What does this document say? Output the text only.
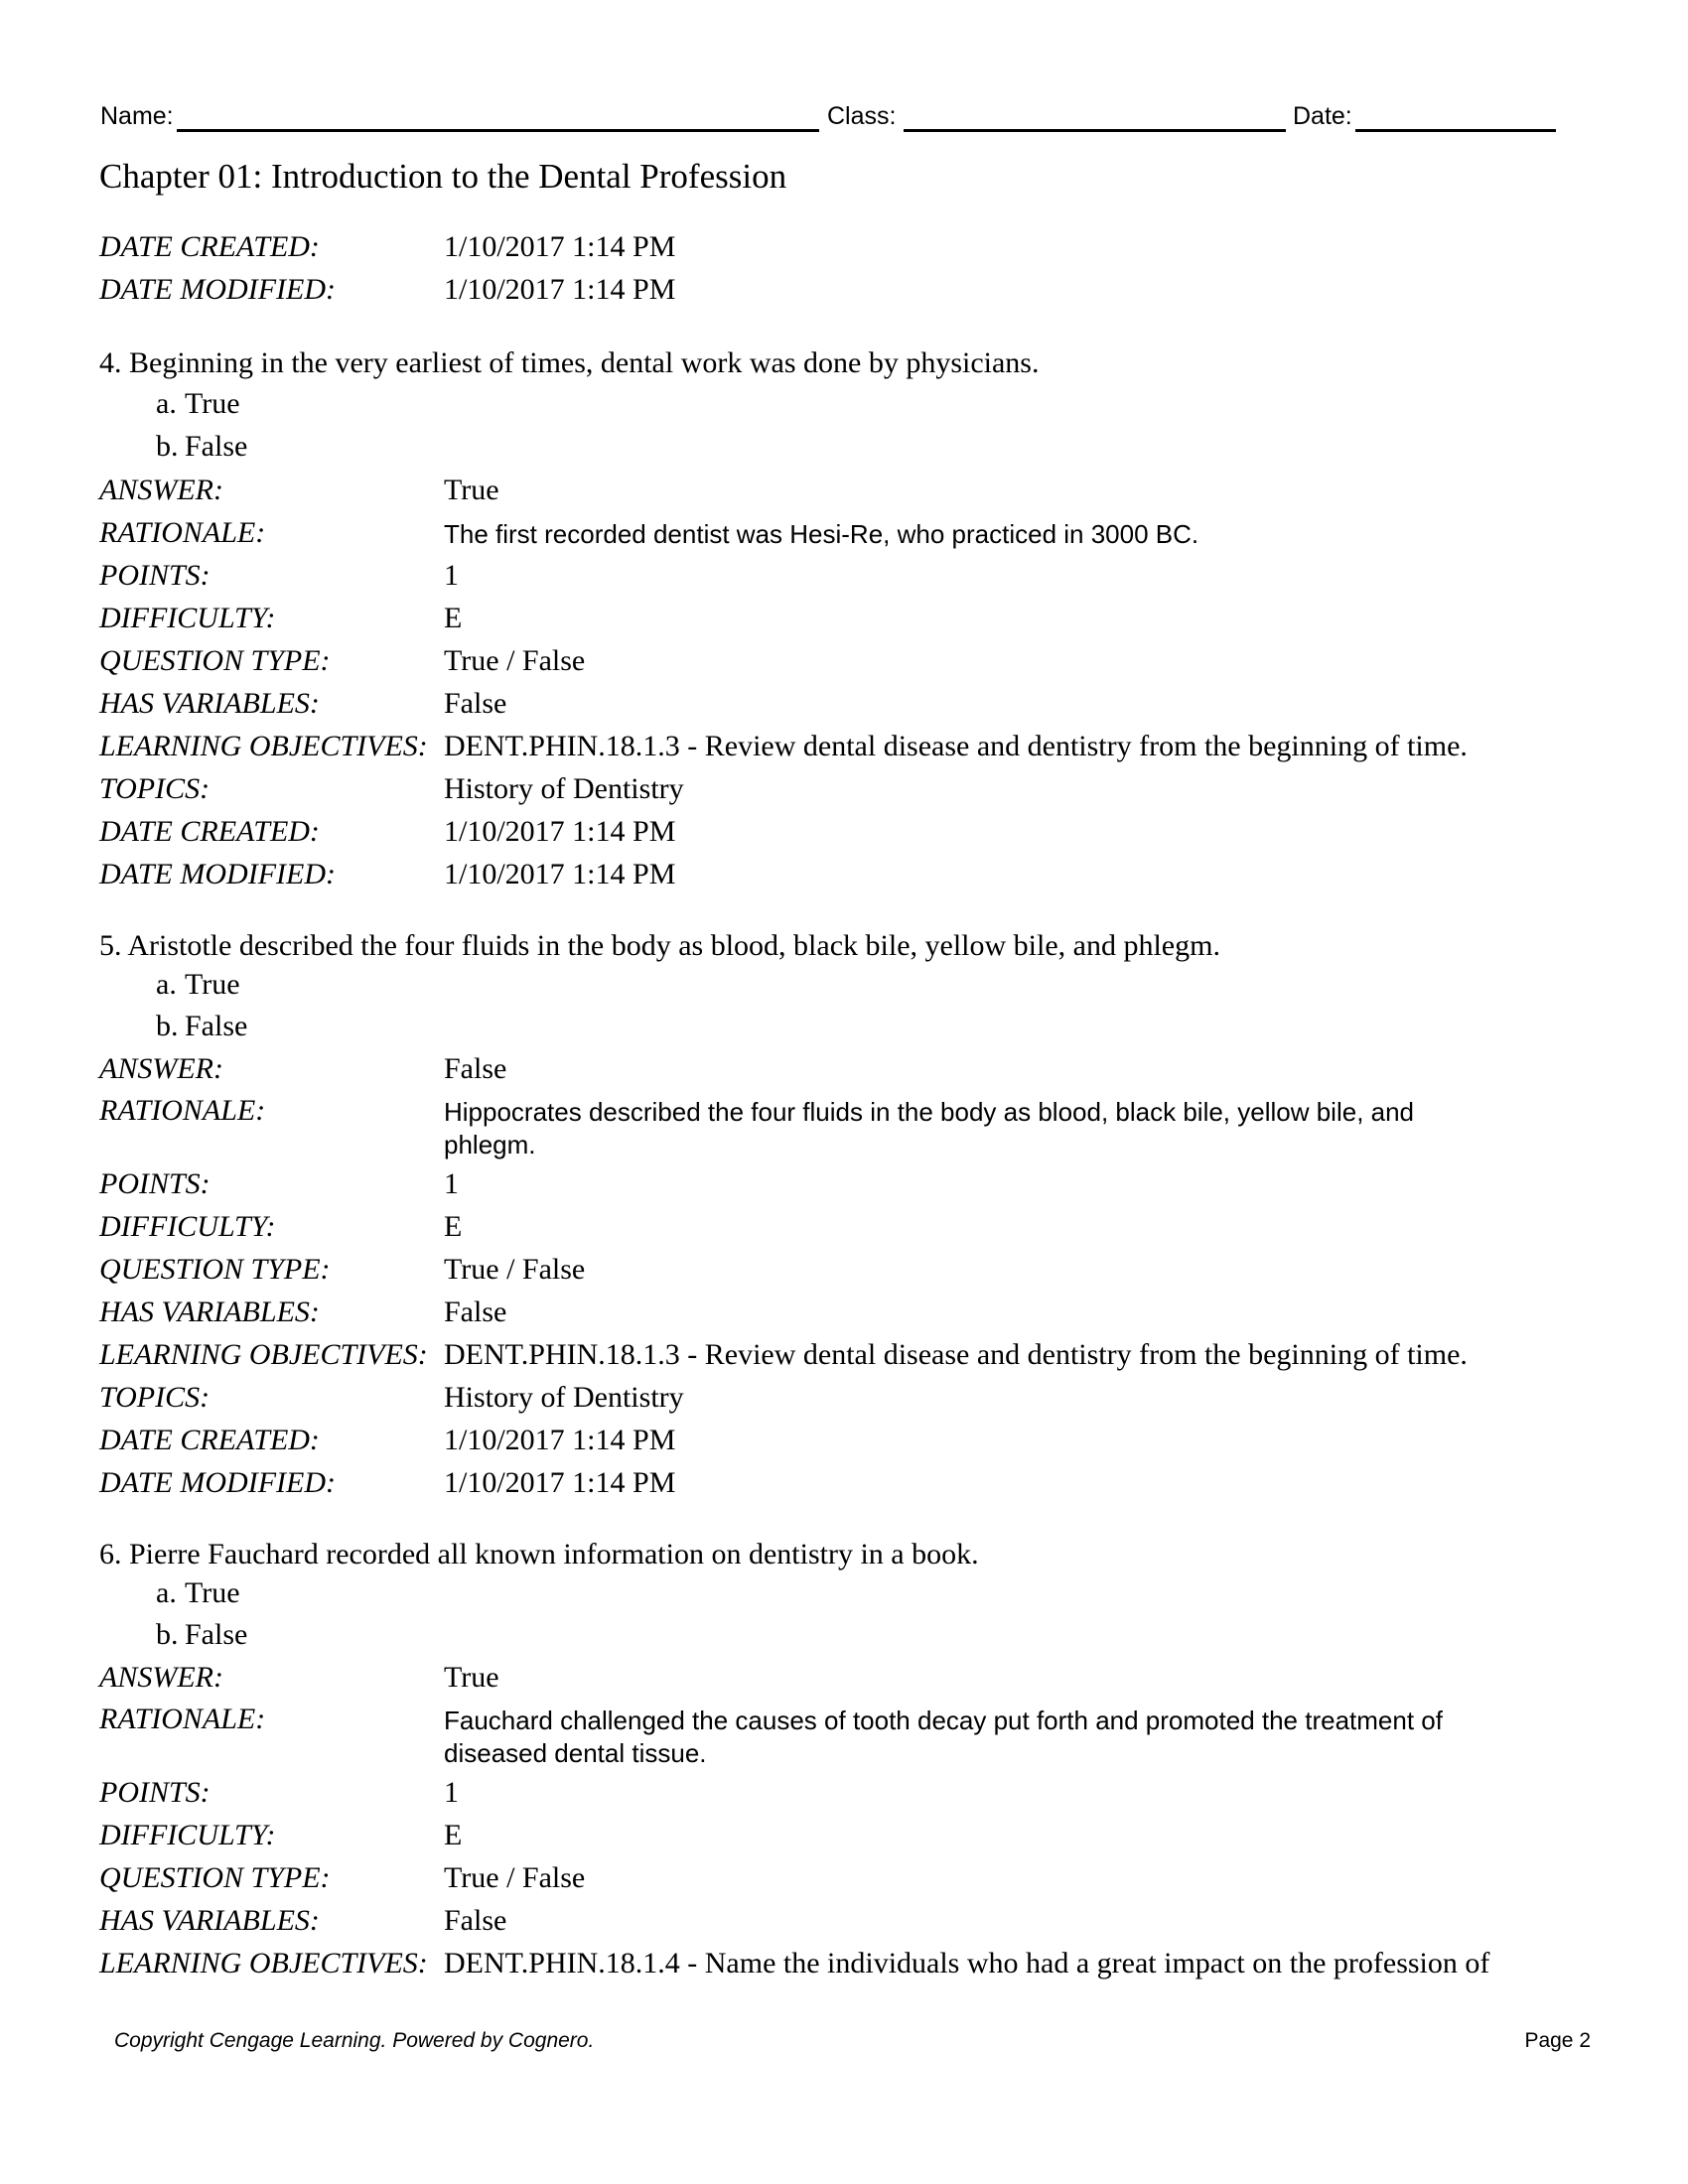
Name:	Class:	Date:
Chapter 01: Introduction to the Dental Profession
DATE CREATED:	1/10/2017 1:14 PM
DATE MODIFIED:	1/10/2017 1:14 PM
4. Beginning in the very earliest of times, dental work was done by physicians.
a. True
b. False
ANSWER:	True
RATIONALE:	The first recorded dentist was Hesi-Re, who practiced in 3000 BC.
POINTS:	1
DIFFICULTY:	E
QUESTION TYPE:	True / False
HAS VARIABLES:	False
LEARNING OBJECTIVES: DENT.PHIN.18.1.3 - Review dental disease and dentistry from the beginning of time.
TOPICS:	History of Dentistry
DATE CREATED:	1/10/2017 1:14 PM
DATE MODIFIED:	1/10/2017 1:14 PM
5. Aristotle described the four fluids in the body as blood, black bile, yellow bile, and phlegm.
a. True
b. False
ANSWER:	False
RATIONALE:	Hippocrates described the four fluids in the body as blood, black bile, yellow bile, and
phlegm.
POINTS:	1
DIFFICULTY:	E
QUESTION TYPE:	True / False
HAS VARIABLES:	False
LEARNING OBJECTIVES: DENT.PHIN.18.1.3 - Review dental disease and dentistry from the beginning of time.
TOPICS:	History of Dentistry
DATE CREATED:	1/10/2017 1:14 PM
DATE MODIFIED:	1/10/2017 1:14 PM
6. Pierre Fauchard recorded all known information on dentistry in a book.
a. True
b. False
ANSWER:	True
RATIONALE:	Fauchard challenged the causes of tooth decay put forth and promoted the treatment of
diseased dental tissue.
POINTS:	1
DIFFICULTY:	E
QUESTION TYPE:	True / False
HAS VARIABLES:	False
LEARNING OBJECTIVES: DENT.PHIN.18.1.4 - Name the individuals who had a great impact on the profession of
Copyright Cengage Learning. Powered by Cognero.	Page 2
